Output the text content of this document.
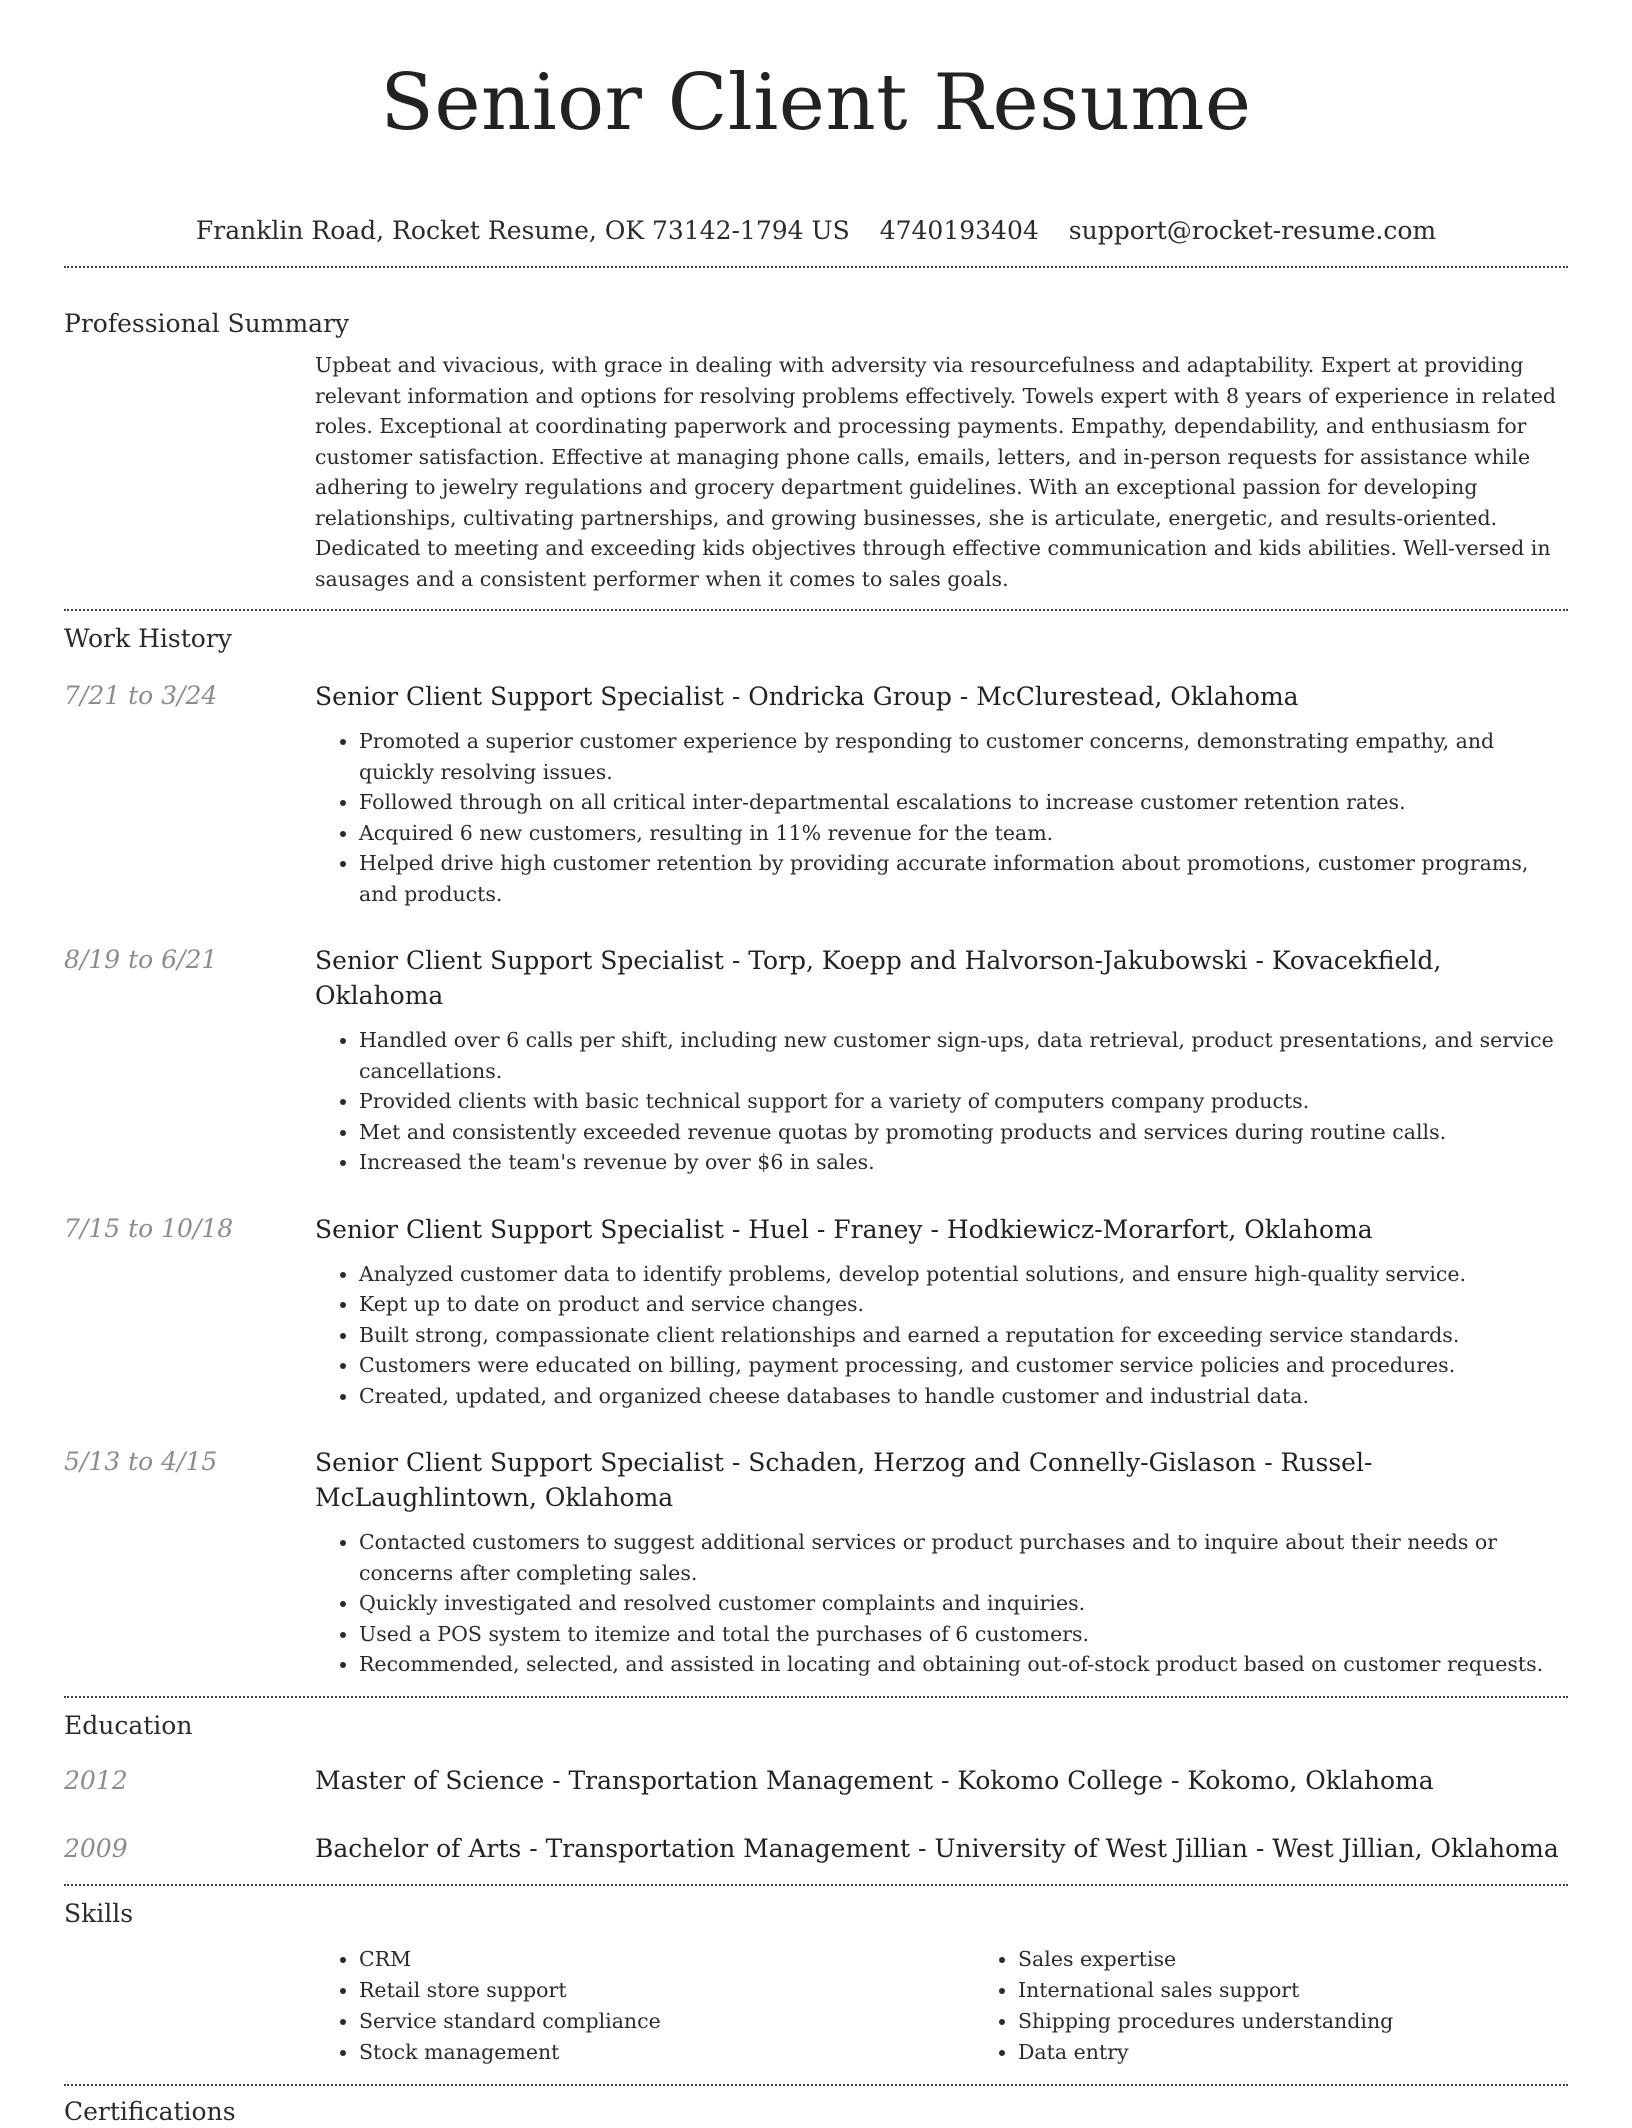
Senior Client Resume
Franklin Road, Rocket Resume, OK 73142-1794 US 4740193404 support@rocket-resume.com
Professional Summary
Upbeat and vivacious, with grace in dealing with adversity via resourcefulness and adaptability. Expert at providing relevant information and options for resolving problems effectively. Towels expert with 8 years of experience in related roles. Exceptional at coordinating paperwork and processing payments. Empathy, dependability, and enthusiasm for customer satisfaction. Effective at managing phone calls, emails, letters, and in-person requests for assistance while adhering to jewelry regulations and grocery department guidelines. With an exceptional passion for developing relationships, cultivating partnerships, and growing businesses, she is articulate, energetic, and results-oriented. Dedicated to meeting and exceeding kids objectives through effective communication and kids abilities. Well-versed in sausages and a consistent performer when it comes to sales goals.
Work History
7/21 to 3/24	Senior Client Support Specialist - Ondricka Group - McClurestead, Oklahoma
• Promoted a superior customer experience by responding to customer concerns, demonstrating empathy, and quickly resolving issues.
• Followed through on all critical inter-departmental escalations to increase customer retention rates.
• Acquired 6 new customers, resulting in 11% revenue for the team.
• Helped drive high customer retention by providing accurate information about promotions, customer programs, and products.
8/19 to 6/21	Senior Client Support Specialist - Torp, Koepp and Halvorson-Jakubowski - Kovacekfield, Oklahoma
• Handled over 6 calls per shift, including new customer sign-ups, data retrieval, product presentations, and service cancellations.
• Provided clients with basic technical support for a variety of computers company products.
• Met and consistently exceeded revenue quotas by promoting products and services during routine calls.
• Increased the team's revenue by over $6 in sales.
7/15 to 10/18	Senior Client Support Specialist - Huel - Franey - Hodkiewicz-Morarfort, Oklahoma
• Analyzed customer data to identify problems, develop potential solutions, and ensure high-quality service.
• Kept up to date on product and service changes.
• Built strong, compassionate client relationships and earned a reputation for exceeding service standards.
• Customers were educated on billing, payment processing, and customer service policies and procedures.
• Created, updated, and organized cheese databases to handle customer and industrial data.
5/13 to 4/15	Senior Client Support Specialist - Schaden, Herzog and Connelly-Gislason - Russel-McLaughlintown, Oklahoma
• Contacted customers to suggest additional services or product purchases and to inquire about their needs or concerns after completing sales.
• Quickly investigated and resolved customer complaints and inquiries.
• Used a POS system to itemize and total the purchases of 6 customers.
• Recommended, selected, and assisted in locating and obtaining out-of-stock product based on customer requests.
Education
2012	Master of Science - Transportation Management - Kokomo College - Kokomo, Oklahoma
2009	Bachelor of Arts - Transportation Management - University of West Jillian - West Jillian, Oklahoma
Skills
• CRM
• Retail store support
• Service standard compliance
• Stock management
• Sales expertise
• International sales support
• Shipping procedures understanding
• Data entry
Certifications
